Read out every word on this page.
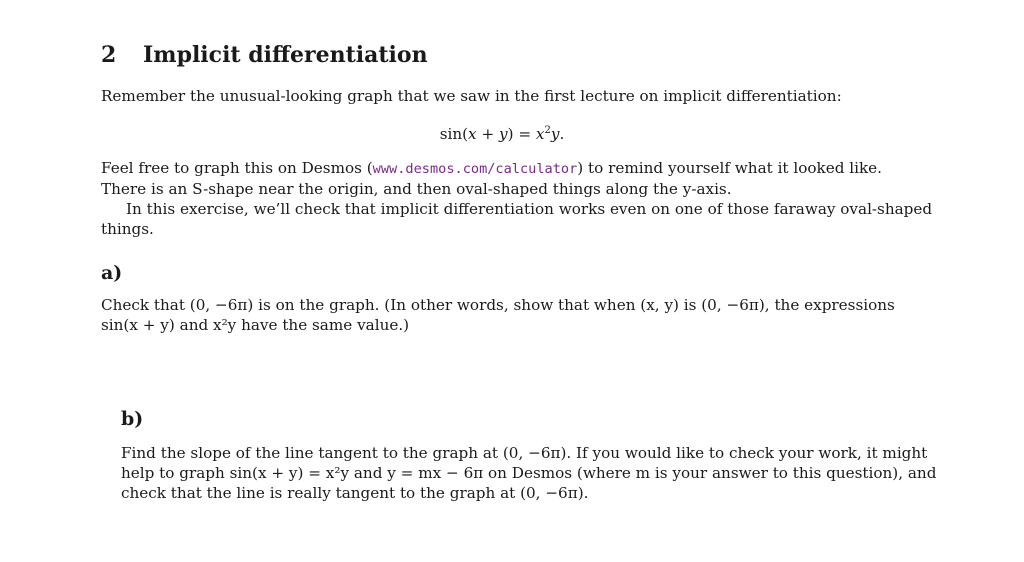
2 Implicit differentiation

Remember the unusual-looking graph that we saw in the first lecture on implicit differentiation:

$\sin(x + y) = x^2y$.
Feel free to graph this on Desmos (www.desmos.com/calculator) to remind yourself what it looked like.
There is an S-shape near the origin, and then oval-shaped things along the y-axis.
In this exercise, we’ll check that implicit differentiation works even on one of those faraway oval-shaped
things.
a)
Check that (0, −6π) is on the graph. (In other words, show that when (x, y) is (0, −6π), the expressions
sin(x + y) and x²y have the same value.)
b)
Find the slope of the line tangent to the graph at (0, −6π). If you would like to check your work, it might
help to graph sin(x + y) = x²y and y = mx − 6π on Desmos (where m is your answer to this question), and
check that the line is really tangent to the graph at (0, −6π).
